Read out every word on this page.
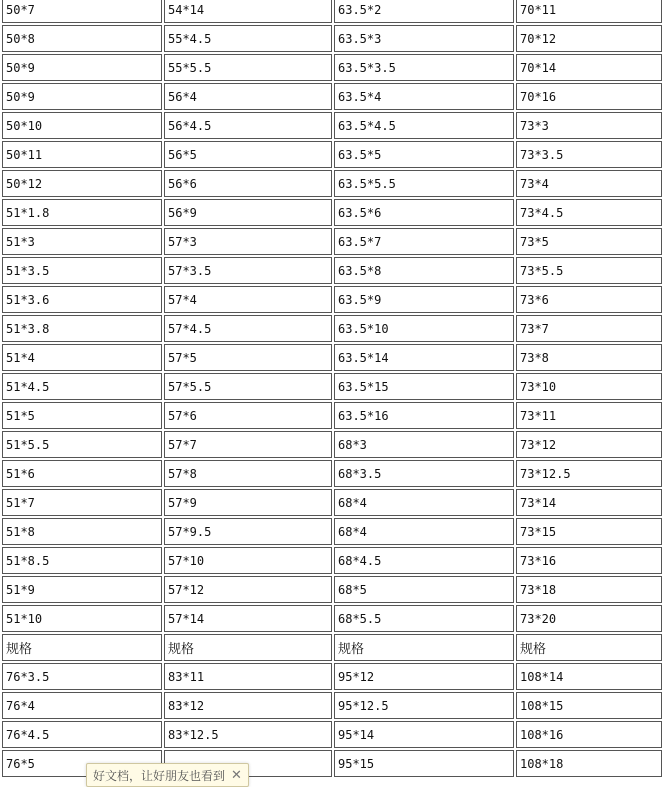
50*7	54*14	63.5*2	70*11
50*8	55*4.5	63.5*3	70*12
50*9	55*5.5	63.5*3.5	70*14
50*9	56*4	63.5*4	70*16
50*10	56*4.5	63.5*4.5	73*3
50*11	56*5	63.5*5	73*3.5
50*12	56*6	63.5*5.5	73*4
51*1.8	56*9	63.5*6	73*4.5
51*3	57*3	63.5*7	73*5
51*3.5	57*3.5	63.5*8	73*5.5
51*3.6	57*4	63.5*9	73*6
51*3.8	57*4.5	63.5*10	73*7
51*4	57*5	63.5*14	73*8
51*4.5	57*5.5	63.5*15	73*10
51*5	57*6	63.5*16	73*11
51*5.5	57*7	68*3	73*12
51*6	57*8	68*3.5	73*12.5
51*7	57*9	68*4	73*14
51*8	57*9.5	68*4	73*15
51*8.5	57*10	68*4.5	73*16
51*9	57*12	68*5	73*18
51*10	57*14	68*5.5	73*20
规格	规格	规格	规格
76*3.5	83*11	95*12	108*14
76*4	83*12	95*12.5	108*15
76*4.5	83*12.5	95*14	108*16
76*5		95*15	108*18
好文档，让好朋友也看到 ✕
